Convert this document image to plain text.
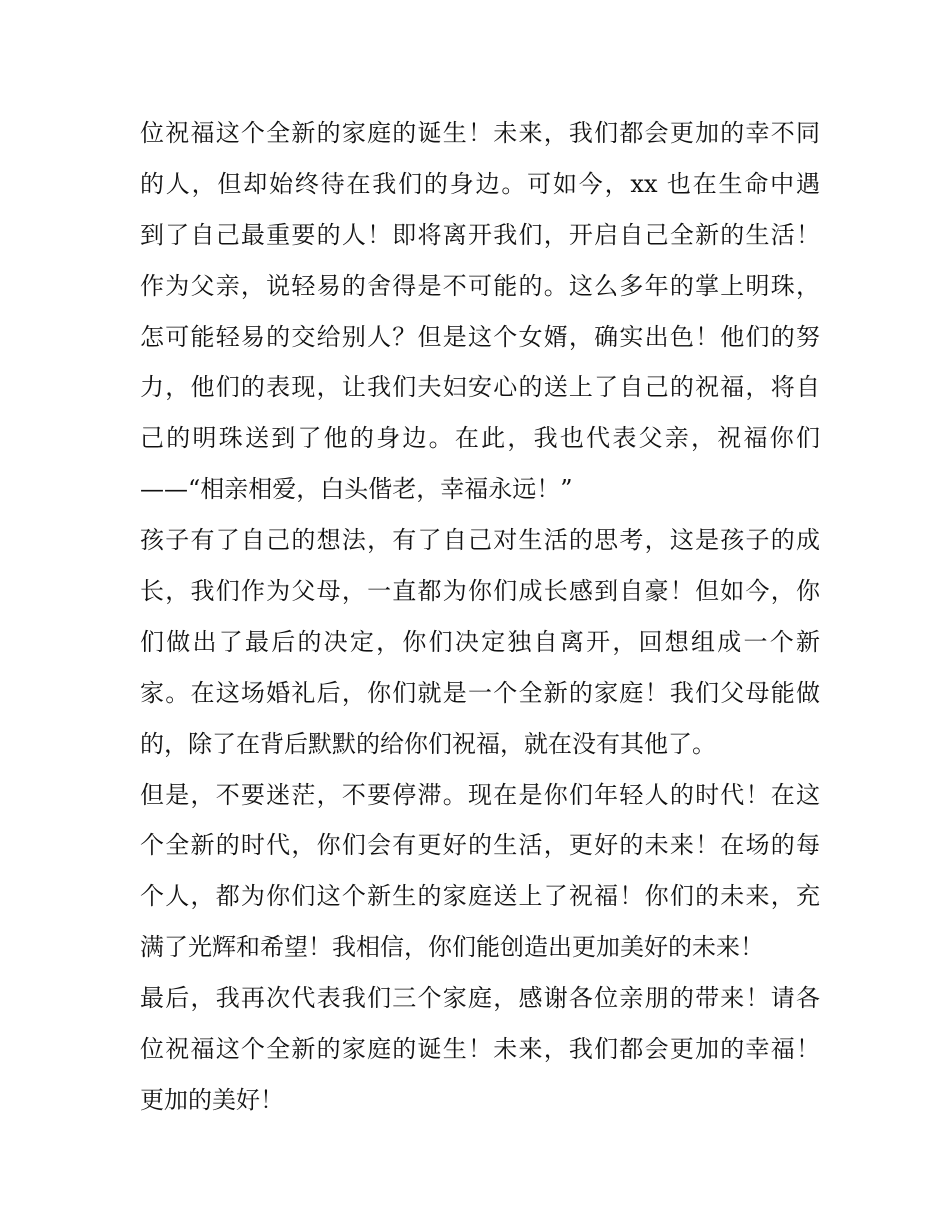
位祝福这个全新的家庭的诞生！未来，我们都会更加的幸不同
的人，但却始终待在我们的身边。可如今，xx 也在生命中遇
到了自己最重要的人！即将离开我们，开启自己全新的生活！
作为父亲，说轻易的舍得是不可能的。这么多年的掌上明珠，
怎可能轻易的交给别人？但是这个女婿，确实出色！他们的努
力，他们的表现，让我们夫妇安心的送上了自己的祝福，将自
己的明珠送到了他的身边。在此，我也代表父亲，祝福你们
——“相亲相爱，白头偕老，幸福永远！”
孩子有了自己的想法，有了自己对生活的思考，这是孩子的成
长，我们作为父母，一直都为你们成长感到自豪！但如今，你
们做出了最后的决定，你们决定独自离开，回想组成一个新
家。在这场婚礼后，你们就是一个全新的家庭！我们父母能做
的，除了在背后默默的给你们祝福，就在没有其他了。
但是，不要迷茫，不要停滞。现在是你们年轻人的时代！在这
个全新的时代，你们会有更好的生活，更好的未来！在场的每
个人，都为你们这个新生的家庭送上了祝福！你们的未来，充
满了光辉和希望！我相信，你们能创造出更加美好的未来！
最后，我再次代表我们三个家庭，感谢各位亲朋的带来！请各
位祝福这个全新的家庭的诞生！未来，我们都会更加的幸福！
更加的美好！
